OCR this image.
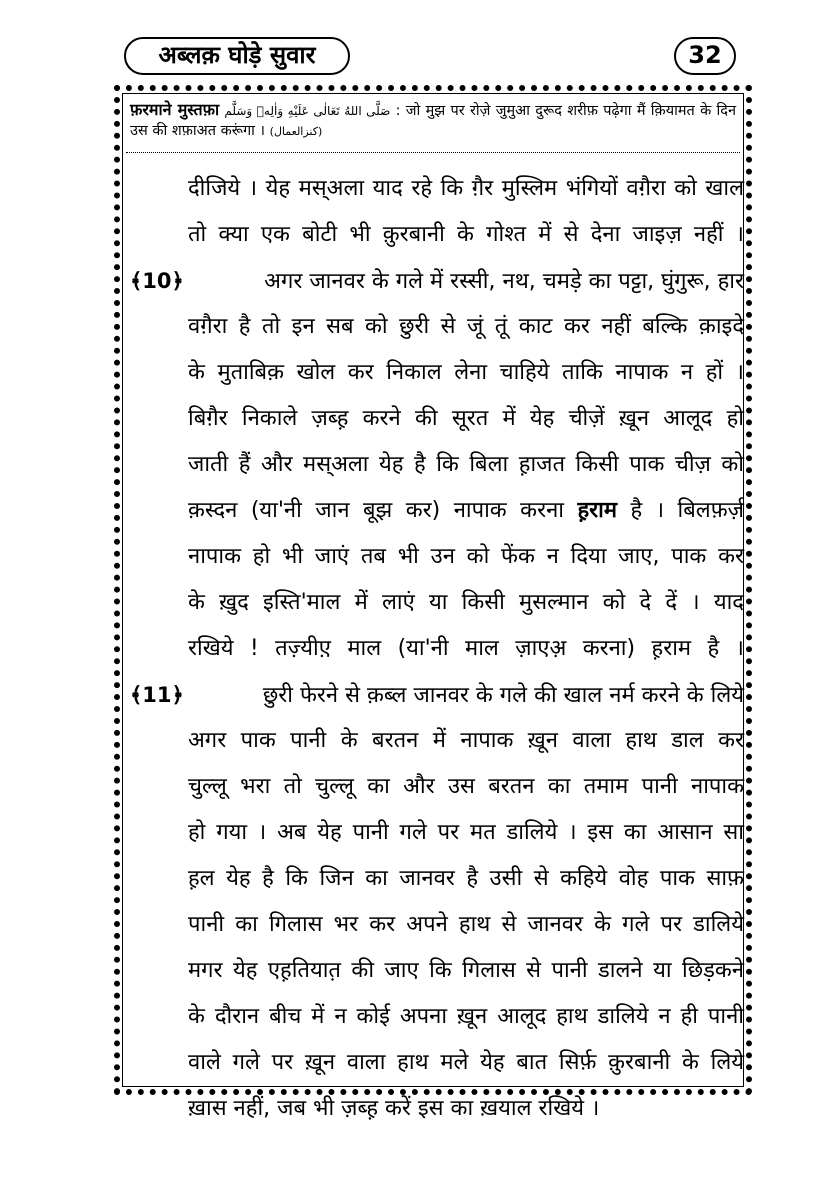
अब्लक़ घोड़े सुवार	32
फ़रमाने मुस्तफ़ा صَلَّى اللهُ تَعَالٰى عَلَيْهِ وَاٰلِهٖ وَسَلَّم : जो मुझ पर रोज़े जुमुआ दुरूद शरीफ़ पढ़ेगा मैं क़ियामत के दिन उस की शफ़ाअत करूंगा । (کنزالعمال)
दीजिये । येह मस्अला याद रहे कि ग़ैर मुस्लिम भंगियों वग़ैरा को खाल
तो क्या एक बोटी भी क़ुरबानी के गोश्त में से देना जाइज़ नहीं ।
﴾10﴿	अगर जानवर के गले में रस्सी, नथ, चमड़े का पट्टा, घुंगुरू, हार
वग़ैरा है तो इन सब को छुरी से जूं तूं काट कर नहीं बल्कि क़ाइदे
के मुताबिक़ खोल कर निकाल लेना चाहिये ताकि नापाक न हों ।
बिग़ैर निकाले ज़ब्ह़ करने की सूरत में येह चीज़ें ख़ून आलूद हो
जाती हैं और मस्अला येह है कि बिला ह़ाजत किसी पाक चीज़ को
क़स्दन (या'नी जान बूझ कर) नापाक करना ह़राम है । बिलफ़र्ज़
नापाक हो भी जाएं तब भी उन को फेंक न दिया जाए, पाक कर
के ख़ुद इस्ति'माल में लाएं या किसी मुसल्मान को दे दें । याद
रखिये ! तज़्यीए़ माल (या'नी माल ज़ाएअ़ करना) ह़राम है ।
﴾11﴿	छुरी फेरने से क़ब्ल जानवर के गले की खाल नर्म करने के लिये
अगर पाक पानी के बरतन में नापाक ख़ून वाला हाथ डाल कर
चुल्लू भरा तो चुल्लू का और उस बरतन का तमाम पानी नापाक
हो गया । अब येह पानी गले पर मत डालिये । इस का आसान सा
ह़ल येह है कि जिन का जानवर है उसी से कहिये वोह पाक साफ़
पानी का गिलास भर कर अपने हाथ से जानवर के गले पर डालिये
मगर येह एह़तियात़ की जाए कि गिलास से पानी डालने या छिड़कने
के दौरान बीच में न कोई अपना ख़ून आलूद हाथ डालिये न ही पानी
वाले गले पर ख़ून वाला हाथ मले येह बात सिर्फ़ क़ुरबानी के लिये
ख़ास नहीं, जब भी ज़ब्ह़ करें इस का ख़याल रखिये ।
